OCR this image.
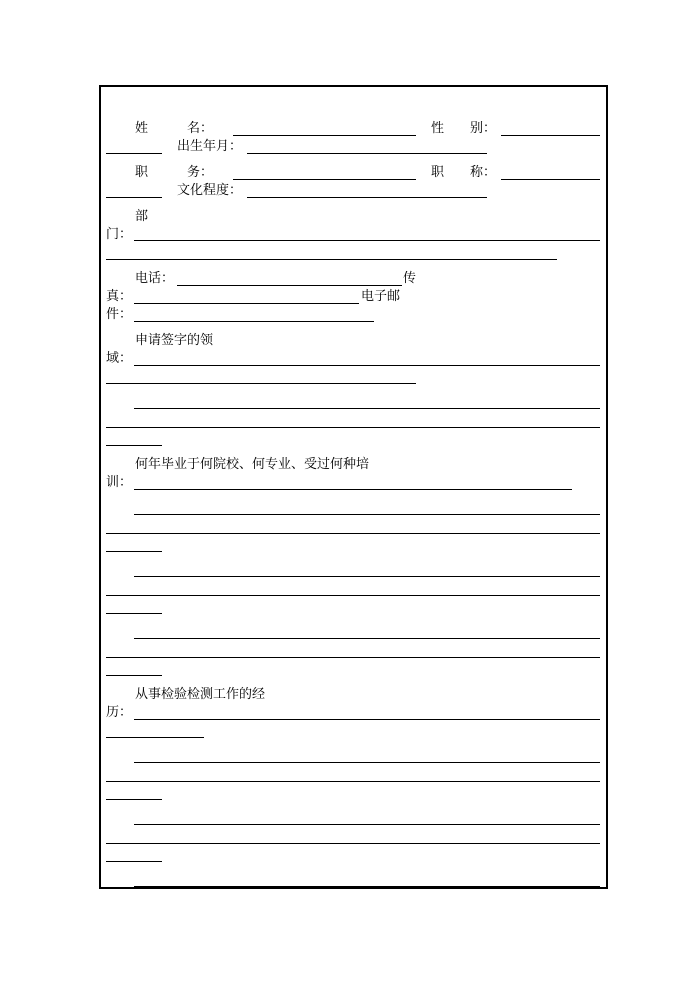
姓　　　名：	性　　别：
出生年月：
职　　　务：	职　　称：
文化程度：
部
门：
电话：	传
真：	电子邮
件：
申请签字的领
域：
何年毕业于何院校、何专业、受过何种培
训：
从事检验检测工作的经
历：
